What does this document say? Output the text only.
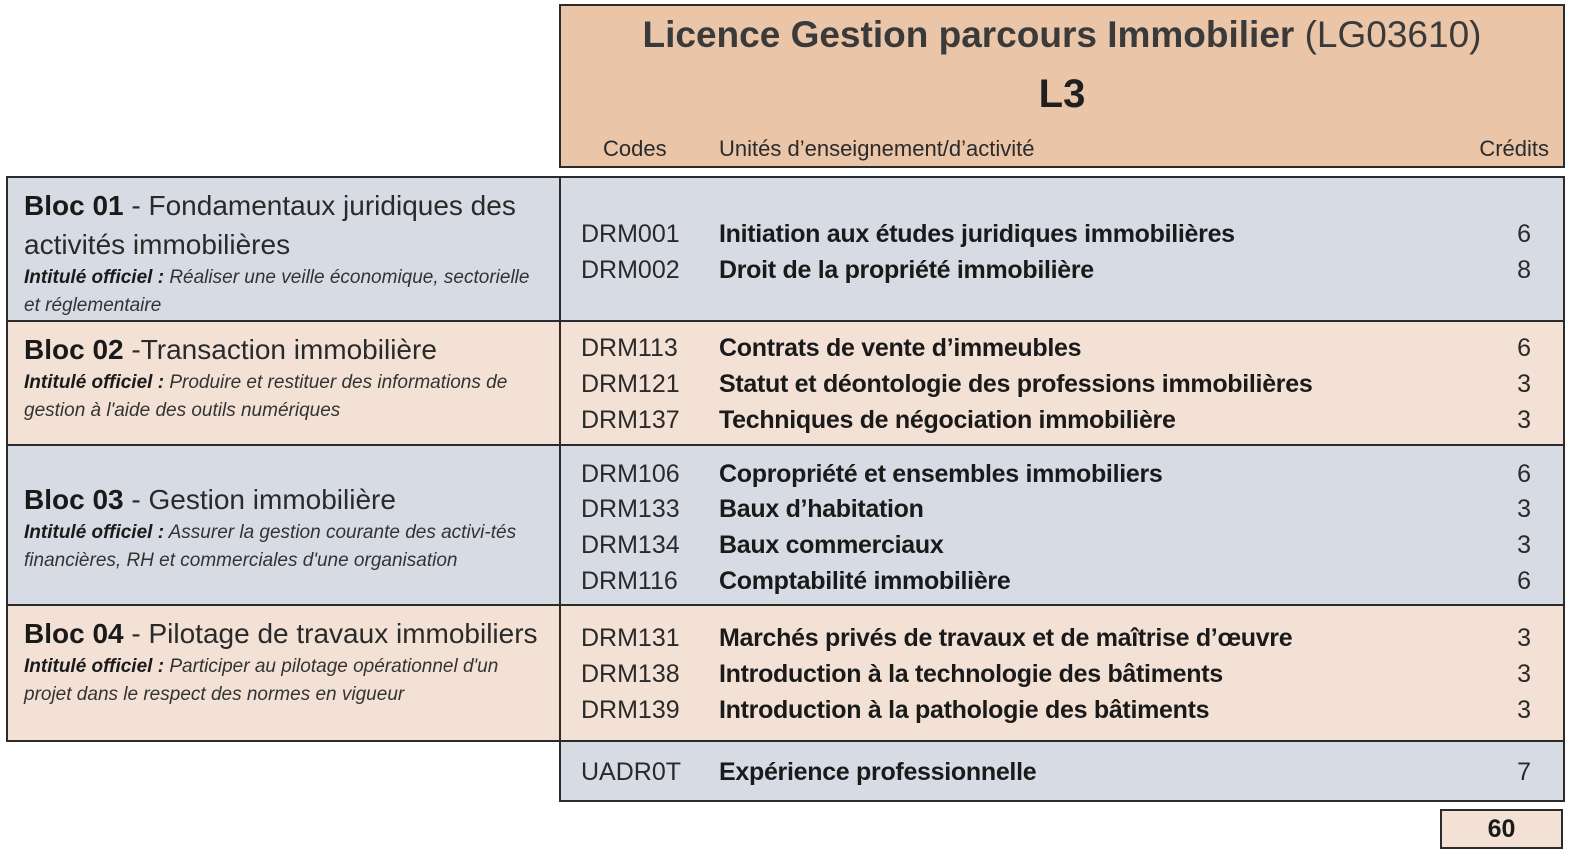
Licence Gestion parcours Immobilier (LG03610)
L3
Codes Unités d’enseignement/d’activité	Crédits
Bloc 01 - Fondamentaux juridiques des activités immobilières
Intitulé officiel : Réaliser une veille économique, sectorielle et réglementaire
DRM001 Initiation aux études juridiques immobilières	6
DRM002 Droit de la propriété immobilière	8
Bloc 02 -Transaction immobilière
Intitulé officiel : Produire et restituer des informations de gestion à l'aide des outils numériques
DRM113 Contrats de vente d’immeubles	6
DRM121 Statut et déontologie des professions immobilières	3
DRM137 Techniques de négociation immobilière	3
Bloc 03 - Gestion immobilière
Intitulé officiel : Assurer la gestion courante des activi-tés financières, RH et commerciales d'une organisation
DRM106 Copropriété et ensembles immobiliers	6
DRM133 Baux d’habitation	3
DRM134 Baux commerciaux	3
DRM116 Comptabilité immobilière	6
Bloc 04 - Pilotage de travaux immobiliers
Intitulé officiel : Participer au pilotage opérationnel d'un projet dans le respect des normes en vigueur
DRM131 Marchés privés de travaux et de maîtrise d’œuvre	3
DRM138 Introduction à la technologie des bâtiments	3
DRM139 Introduction à la pathologie des bâtiments	3
UADR0T Expérience professionnelle	7
60
